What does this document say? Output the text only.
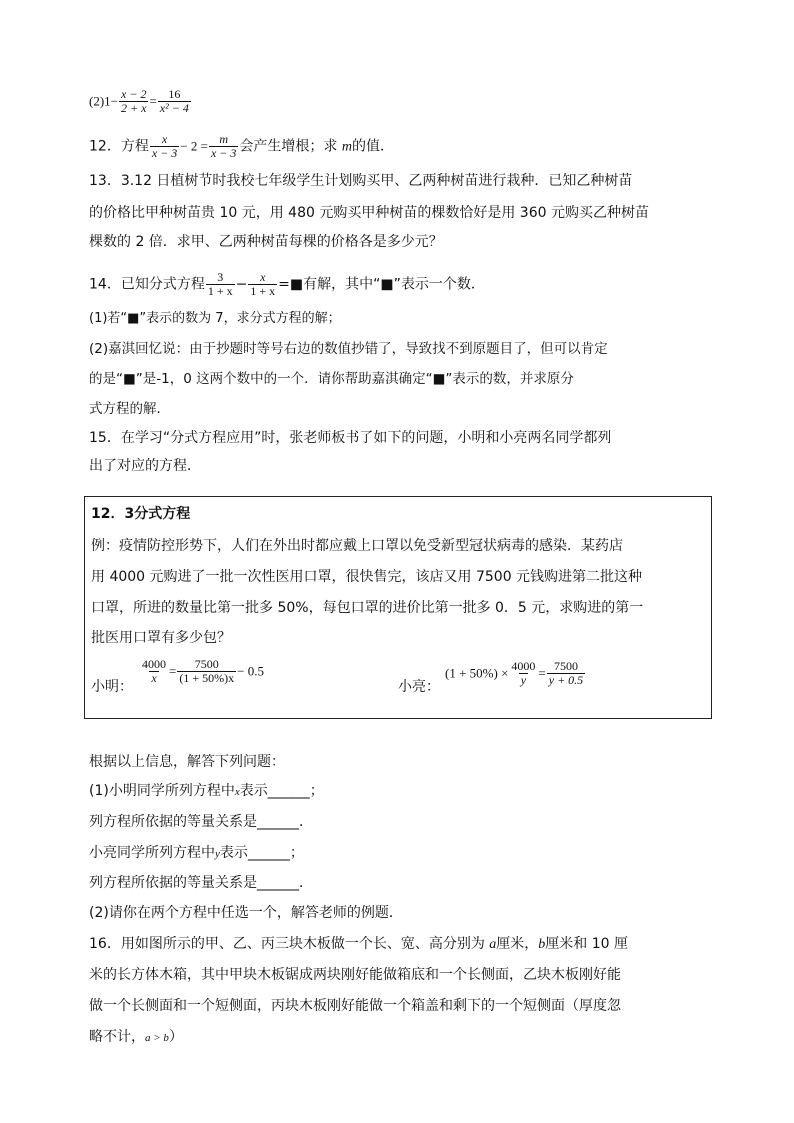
$(2)1- \frac{x - 2}{2 + x} = \frac{16}{\text{x² − 4}}$
12．方程 $\frac{x}{x - 3} - 2 = \frac{m}{x - 3}$ 会产生增根；求 m的值．
13．3.12 日植树节时我校七年级学生计划购买甲、乙两种树苗进行栽种．已知乙种树苗
的价格比甲种树苗贵 10 元，用 480 元购买甲种树苗的棵数恰好是用 360 元购买乙种树苗
棵数的 2 倍．求甲、乙两种树苗每棵的价格各是多少元？
14．已知分式方程 $\frac{3}{1 + x} - \frac{x}{1 + x}$ =■有解，其中“■”表示一个数．
(1)若“■”表示的数为 7，求分式方程的解；
(2)嘉淇回忆说：由于抄题时等号右边的数值抄错了，导致找不到原题目了，但可以肯定
的是“■”是-1，0 这两个数中的一个．请你帮助嘉淇确定“■”表示的数，并求原分
式方程的解．
15．在学习“分式方程应用”时，张老师板书了如下的问题，小明和小亮两名同学都列
出了对应的方程．
12．3分式方程
例：疫情防控形势下，人们在外出时都应戴上口罩以免受新型冠状病毒的感染．某药店
用 4000 元购进了一批一次性医用口罩，很快售完，该店又用 7500 元钱购进第二批这种
口罩，所进的数量比第一批多 50%，每包口罩的进价比第一批多 0．5 元，求购进的第一
批医用口罩有多少包？
小明：
$\frac{4000}{x} = \frac{7500}{(1 + 50\%)x} - 0.5$
小亮：
$(1 + 50\%) \times \frac{4000}{y} = \frac{7500}{y + 0.5}$
根据以上信息，解答下列问题：
(1)小明同学所列方程中x表示______；
列方程所依据的等量关系是______．
小亮同学所列方程中y表示______；
列方程所依据的等量关系是______．
(2)请你在两个方程中任选一个，解答老师的例题．
16．用如图所示的甲、乙、丙三块木板做一个长、宽、高分别为 a厘米，b厘米和 10 厘
米的长方体木箱，其中甲块木板锯成两块刚好能做箱底和一个长侧面，乙块木板刚好能
做一个长侧面和一个短侧面，丙块木板刚好能做一个箱盖和剩下的一个短侧面（厚度忽
略不计，a > b）
